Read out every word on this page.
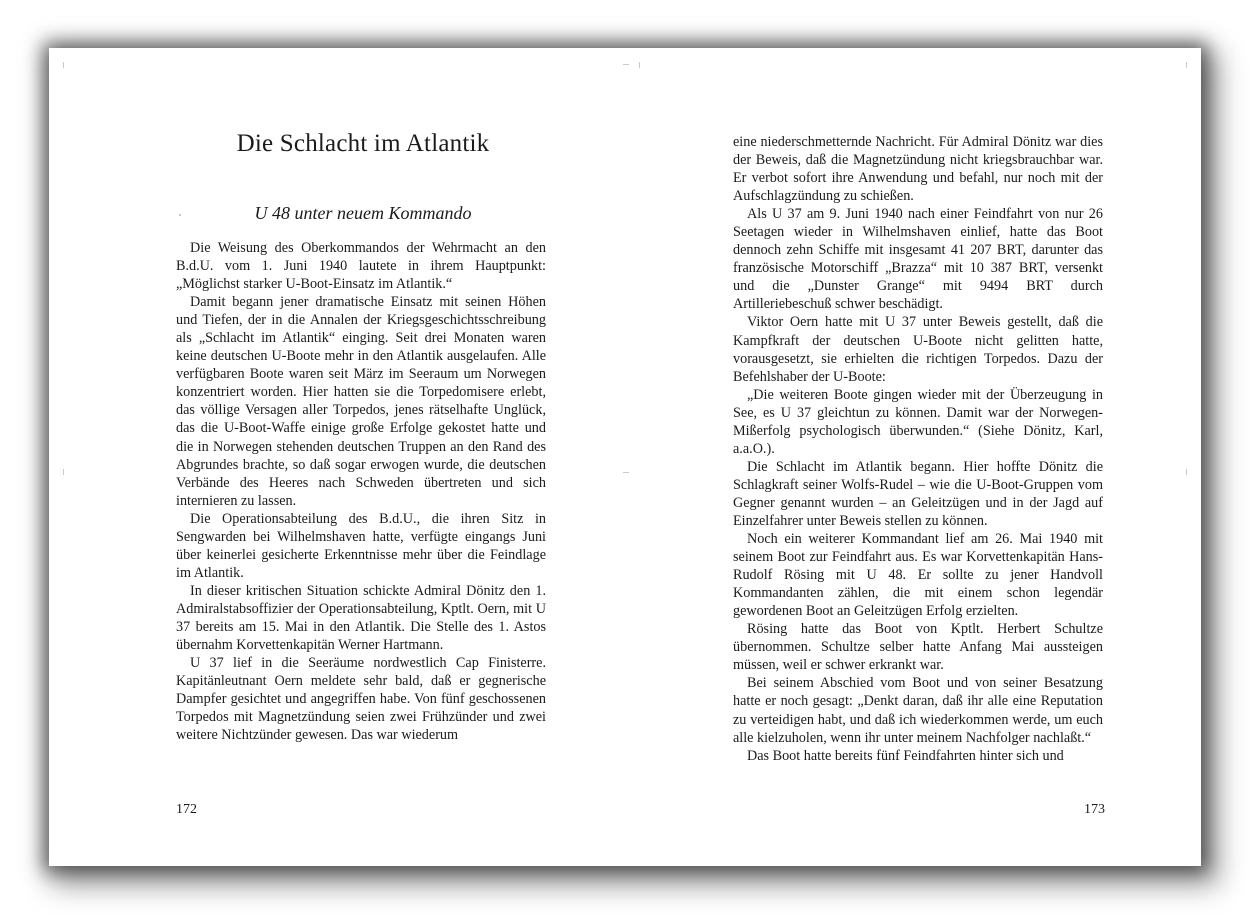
Die Schlacht im Atlantik
U 48 unter neuem Kommando

Die Weisung des Oberkommandos der Wehrmacht an den B.d.U. vom 1. Juni 1940 lautete in ihrem Hauptpunkt: „Möglichst starker U-Boot-Einsatz im Atlantik.“

Damit begann jener dramatische Einsatz mit seinen Höhen und Tiefen, der in die Annalen der Kriegsgeschichtsschreibung als „Schlacht im Atlantik“ einging. Seit drei Monaten waren keine deutschen U-Boote mehr in den Atlantik ausgelaufen. Alle verfügbaren Boote waren seit März im Seeraum um Norwegen konzentriert worden. Hier hatten sie die Torpedomisere erlebt, das völlige Versagen aller Torpedos, jenes rätselhafte Unglück, das die U-Boot-Waffe einige große Erfolge gekostet hatte und die in Norwegen stehenden deutschen Truppen an den Rand des Abgrundes brachte, so daß sogar erwogen wurde, die deutschen Verbände des Heeres nach Schweden übertreten und sich internieren zu lassen.

Die Operationsabteilung des B.d.U., die ihren Sitz in Sengwarden bei Wilhelmshaven hatte, verfügte eingangs Juni über keinerlei gesicherte Erkenntnisse mehr über die Feindlage im Atlantik.

In dieser kritischen Situation schickte Admiral Dönitz den 1. Admiralstabsoffizier der Operationsabteilung, Kptlt. Oern, mit U 37 bereits am 15. Mai in den Atlantik. Die Stelle des 1. Astos übernahm Korvettenkapitän Werner Hartmann.

U 37 lief in die Seeräume nordwestlich Cap Finisterre. Kapitänleutnant Oern meldete sehr bald, daß er gegnerische Dampfer gesichtet und angegriffen habe. Von fünf geschossenen Torpedos mit Magnetzündung seien zwei Frühzünder und zwei weitere Nichtzünder gewesen. Das war wiederum

172

eine niederschmetternde Nachricht. Für Admiral Dönitz war dies der Beweis, daß die Magnetzündung nicht kriegsbrauchbar war. Er verbot sofort ihre Anwendung und befahl, nur noch mit der Aufschlagzündung zu schießen.

Als U 37 am 9. Juni 1940 nach einer Feindfahrt von nur 26 Seetagen wieder in Wilhelmshaven einlief, hatte das Boot dennoch zehn Schiffe mit insgesamt 41 207 BRT, darunter das französische Motorschiff „Brazza“ mit 10 387 BRT, versenkt und die „Dunster Grange“ mit 9494 BRT durch Artilleriebeschuß schwer beschädigt.

Viktor Oern hatte mit U 37 unter Beweis gestellt, daß die Kampfkraft der deutschen U-Boote nicht gelitten hatte, vorausgesetzt, sie erhielten die richtigen Torpedos. Dazu der Befehlshaber der U-Boote:

„Die weiteren Boote gingen wieder mit der Überzeugung in See, es U 37 gleichtun zu können. Damit war der Norwegen-Mißerfolg psychologisch überwunden.“ (Siehe Dönitz, Karl, a.a.O.).

Die Schlacht im Atlantik begann. Hier hoffte Dönitz die Schlagkraft seiner Wolfs-Rudel – wie die U-Boot-Gruppen vom Gegner genannt wurden – an Geleitzügen und in der Jagd auf Einzelfahrer unter Beweis stellen zu können.

Noch ein weiterer Kommandant lief am 26. Mai 1940 mit seinem Boot zur Feindfahrt aus. Es war Korvettenkapitän Hans-Rudolf Rösing mit U 48. Er sollte zu jener Handvoll Kommandanten zählen, die mit einem schon legendär gewordenen Boot an Geleitzügen Erfolg erzielten.

Rösing hatte das Boot von Kptlt. Herbert Schultze übernommen. Schultze selber hatte Anfang Mai aussteigen müssen, weil er schwer erkrankt war.

Bei seinem Abschied vom Boot und von seiner Besatzung hatte er noch gesagt: „Denkt daran, daß ihr alle eine Reputation zu verteidigen habt, und daß ich wiederkommen werde, um euch alle kielzuholen, wenn ihr unter meinem Nachfolger nachlaßt.“

Das Boot hatte bereits fünf Feindfahrten hinter sich und

173
